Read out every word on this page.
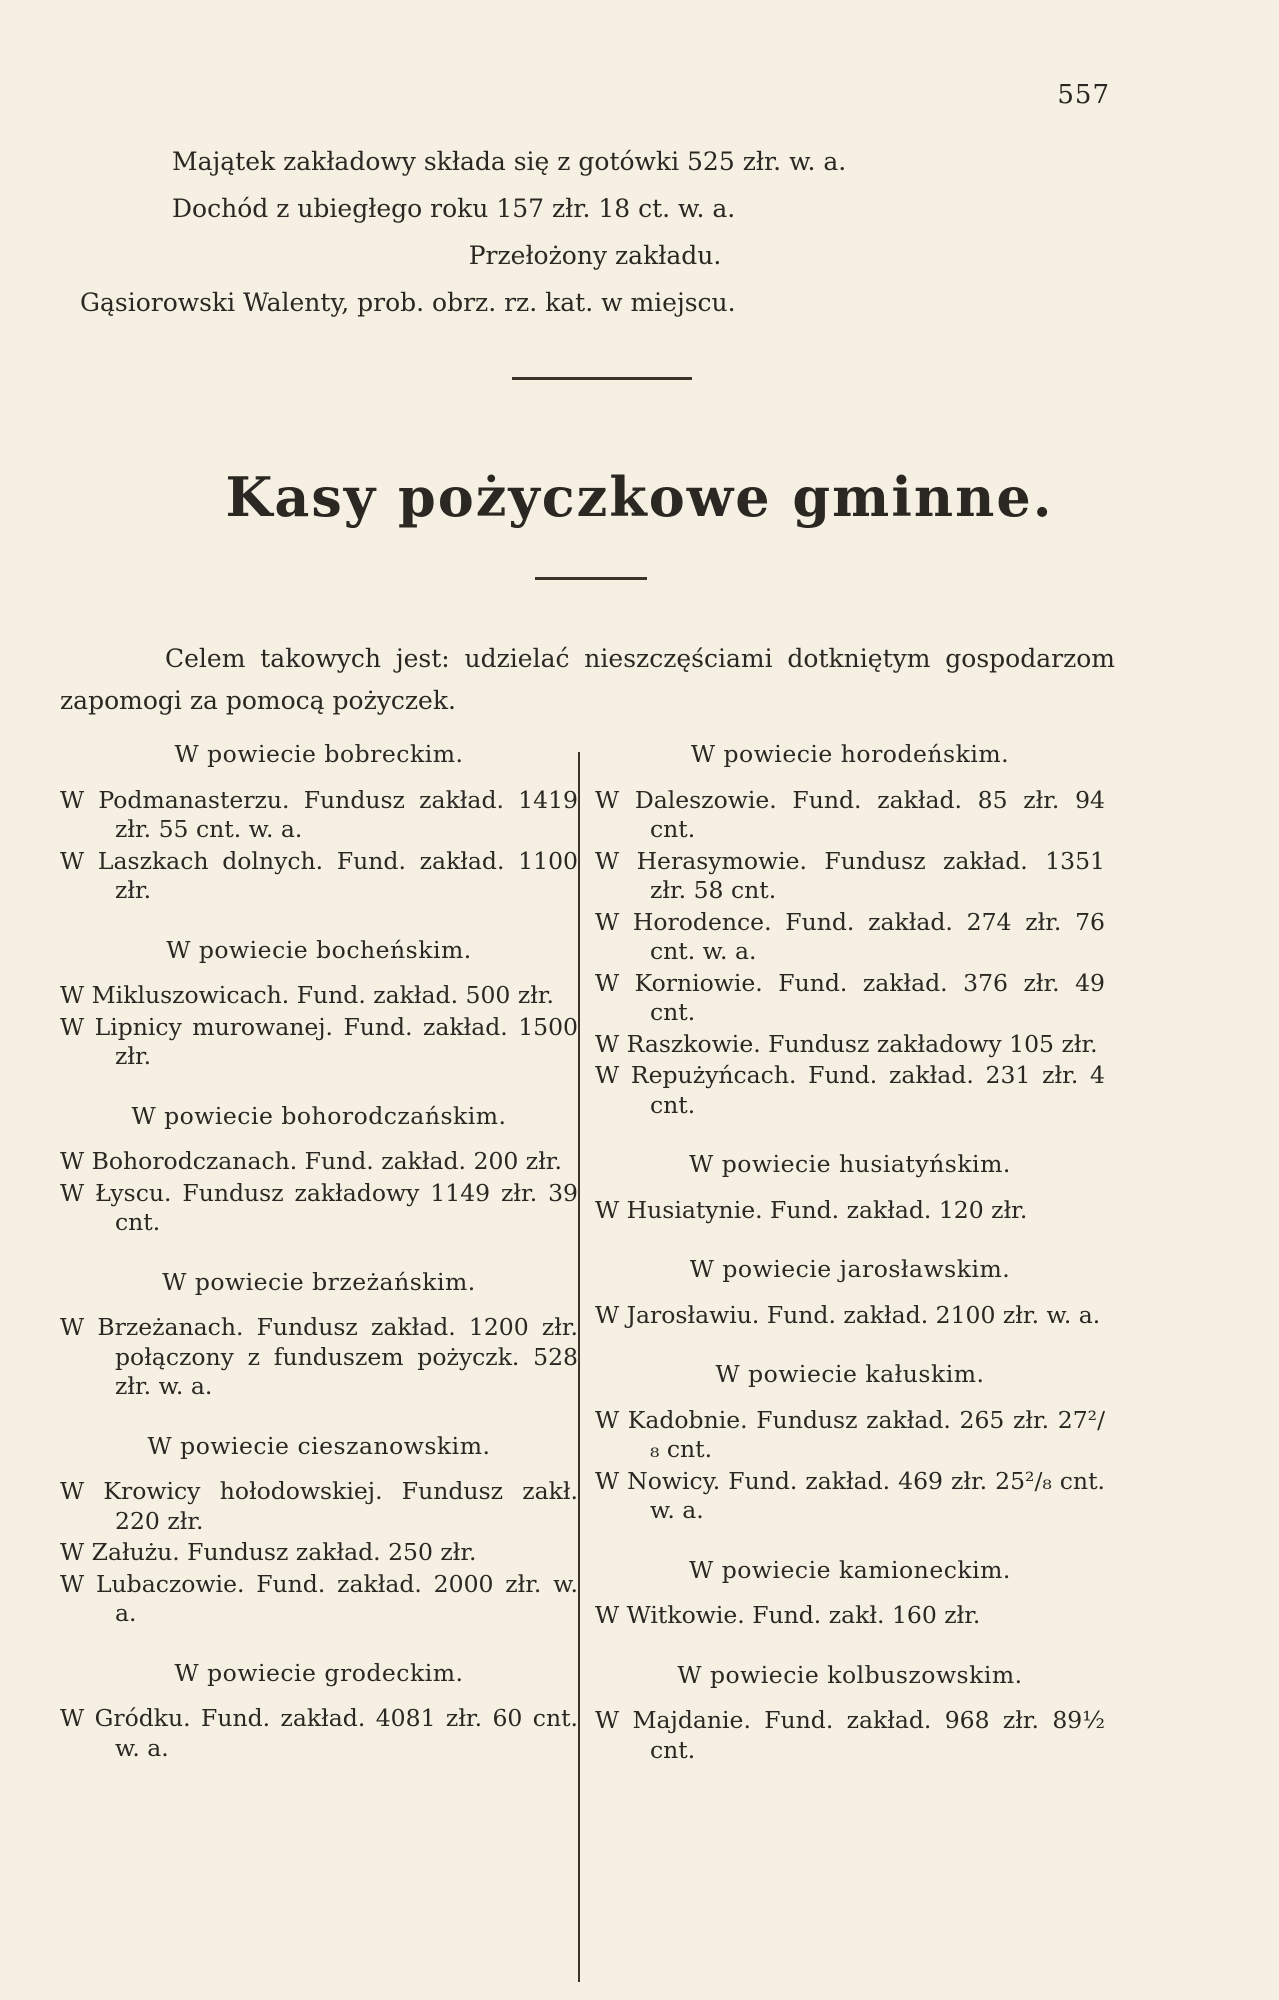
557
Majątek zakładowy składa się z gotówki 525 złr. w. a.
Dochód z ubiegłego roku 157 złr. 18 ct. w. a.
Przełożony zakładu.
Gąsiorowski Walenty, prob. obrz. rz. kat. w miejscu.
Kasy pożyczkowe gminne.
Celem takowych jest: udzielać nieszczęściami dotkniętym gospodarzom zapomogi za pomocą pożyczek.
W powiecie bobreckim.
W Podmanasterzu. Fundusz zakład. 1419 złr. 55 cnt. w. a.
W Laszkach dolnych. Fund. zakład. 1100 złr.
W powiecie bocheńskim.
W Mikluszowicach. Fund. zakład. 500 złr.
W Lipnicy murowanej. Fund. zakład. 1500 złr.
W powiecie bohorodczańskim.
W Bohorodczanach. Fund. zakład. 200 złr.
W Łyscu. Fundusz zakładowy 1149 złr. 39 cnt.
W powiecie brzeżańskim.
W Brzeżanach. Fundusz zakład. 1200 złr. połączony z funduszem pożyczk. 528 złr. w. a.
W powiecie cieszanowskim.
W Krowicy hołodowskiej. Fundusz zakł. 220 złr.
W Załużu. Fundusz zakład. 250 złr.
W Lubaczowie. Fund. zakład. 2000 złr. w. a.
W powiecie grodeckim.
W Gródku. Fund. zakład. 4081 złr. 60 cnt. w. a.
W powiecie horodeńskim.
W Daleszowie. Fund. zakład. 85 złr. 94 cnt.
W Herasymowie. Fundusz zakład. 1351 złr. 58 cnt.
W Horodence. Fund. zakład. 274 złr. 76 cnt. w. a.
W Korniowie. Fund. zakład. 376 złr. 49 cnt.
W Raszkowie. Fundusz zakładowy 105 złr.
W Repużyńcach. Fund. zakład. 231 złr. 4 cnt.
W powiecie husiatyńskim.
W Husiatynie. Fund. zakład. 120 złr.
W powiecie jarosławskim.
W Jarosławiu. Fund. zakład. 2100 złr. w. a.
W powiecie kałuskim.
W Kadobnie. Fundusz zakład. 265 złr. 27²/₈ cnt.
W Nowicy. Fund. zakład. 469 złr. 25²/₈ cnt. w. a.
W powiecie kamioneckim.
W Witkowie. Fund. zakł. 160 złr.
W powiecie kolbuszowskim.
W Majdanie. Fund. zakład. 968 złr. 89½ cnt.
